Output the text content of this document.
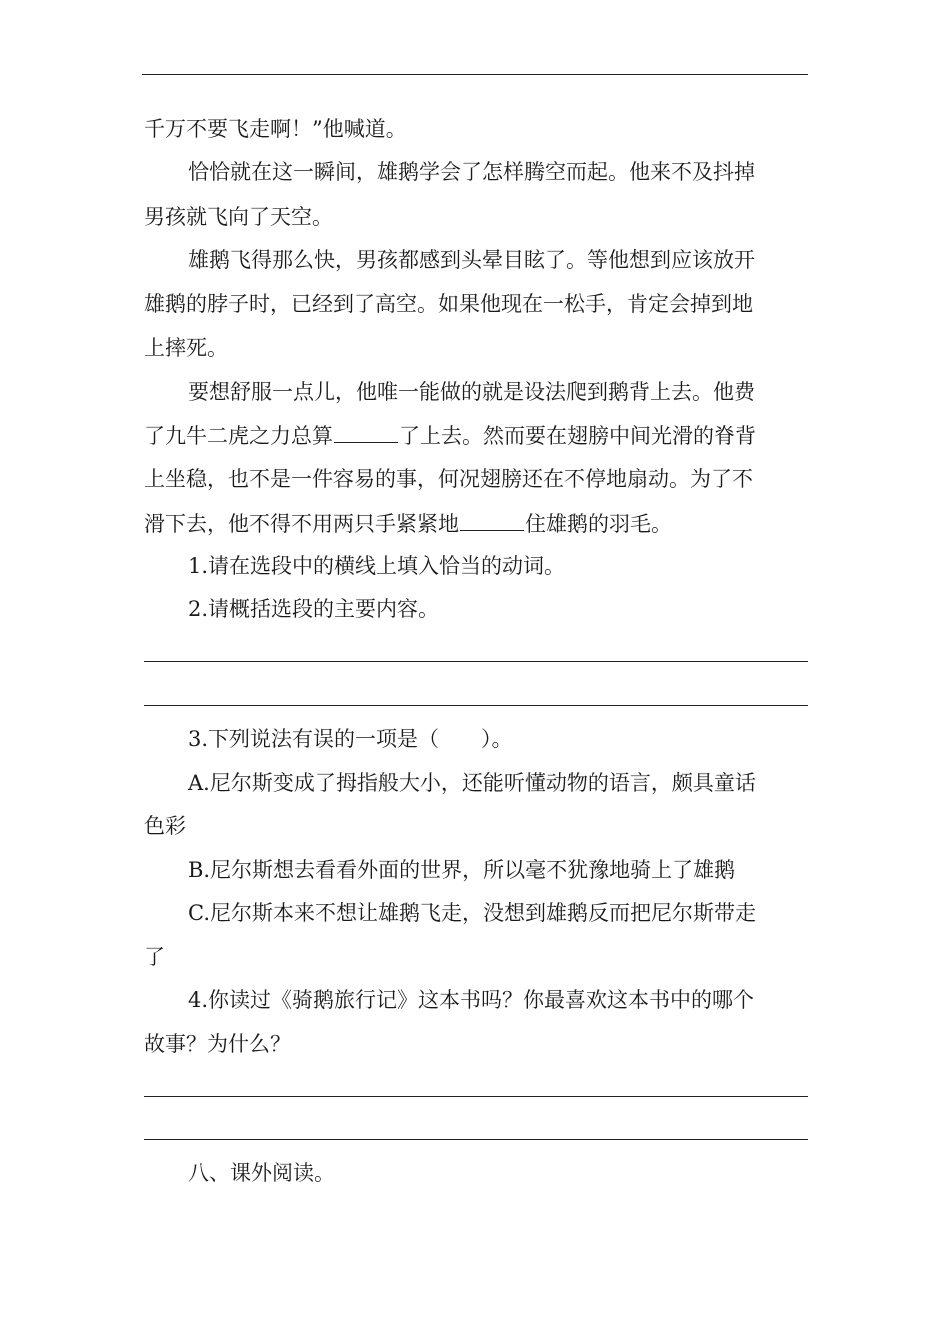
千万不要飞走啊！”他喊道。
恰恰就在这一瞬间，雄鹅学会了怎样腾空而起。他来不及抖掉
男孩就飞向了天空。
雄鹅飞得那么快，男孩都感到头晕目眩了。等他想到应该放开
雄鹅的脖子时，已经到了高空。如果他现在一松手，肯定会掉到地
上摔死。
要想舒服一点儿，他唯一能做的就是设法爬到鹅背上去。他费
了九牛二虎之力总算	了上去。然而要在翅膀中间光滑的脊背
上坐稳，也不是一件容易的事，何况翅膀还在不停地扇动。为了不
滑下去，他不得不用两只手紧紧地	住雄鹅的羽毛。
1.请在选段中的横线上填入恰当的动词。
2.请概括选段的主要内容。
3.下列说法有误的一项是（　　）。
A.尼尔斯变成了拇指般大小，还能听懂动物的语言，颇具童话
色彩
B.尼尔斯想去看看外面的世界，所以毫不犹豫地骑上了雄鹅
C.尼尔斯本来不想让雄鹅飞走，没想到雄鹅反而把尼尔斯带走
了
4.你读过《骑鹅旅行记》这本书吗？你最喜欢这本书中的哪个
故事？为什么？
八、课外阅读。
